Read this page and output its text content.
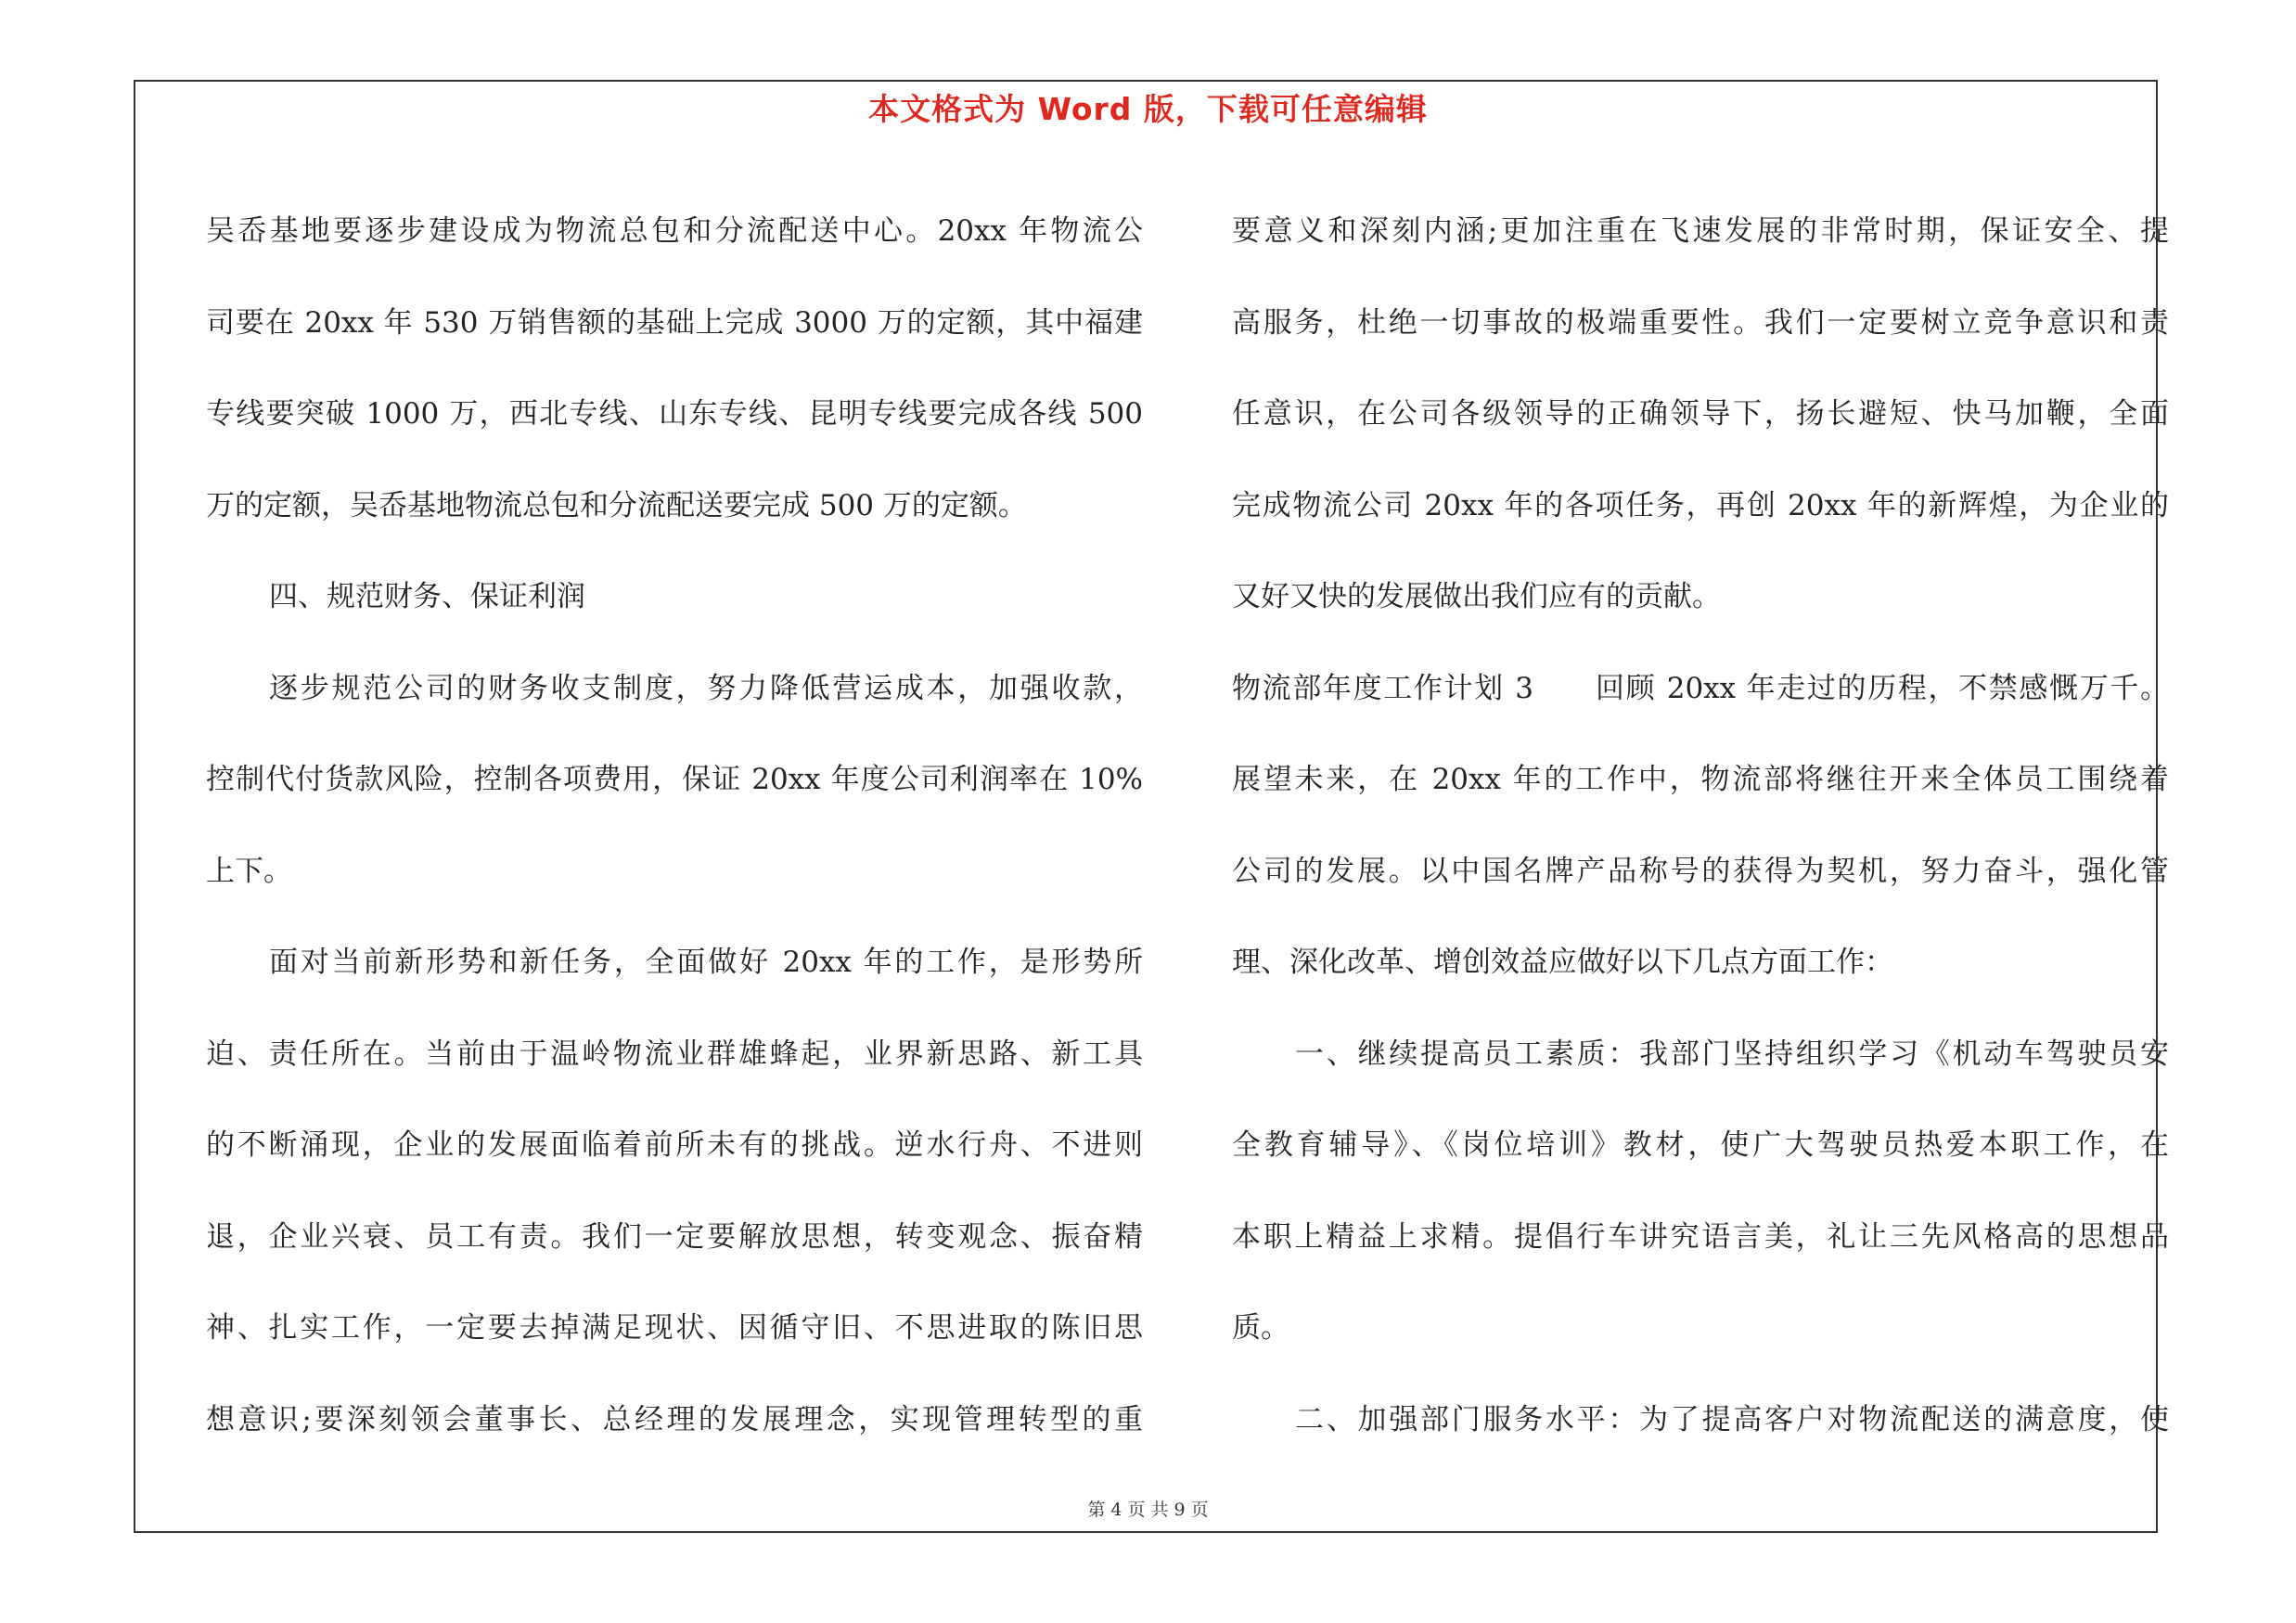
本文格式为 Word 版，下载可任意编辑
吴岙基地要逐步建设成为物流总包和分流配送中心。20xx 年物流公
司要在 20xx 年 530 万销售额的基础上完成 3000 万的定额，其中福建
专线要突破 1000 万，西北专线、山东专线、昆明专线要完成各线 500
万的定额，吴岙基地物流总包和分流配送要完成 500 万的定额。
四、规范财务、保证利润
逐步规范公司的财务收支制度，努力降低营运成本，加强收款，
控制代付货款风险，控制各项费用，保证 20xx 年度公司利润率在 10%
上下。
面对当前新形势和新任务，全面做好 20xx 年的工作，是形势所
迫、责任所在。当前由于温岭物流业群雄蜂起，业界新思路、新工具
的不断涌现，企业的发展面临着前所未有的挑战。逆水行舟、不进则
退，企业兴衰、员工有责。我们一定要解放思想，转变观念、振奋精
神、扎实工作，一定要去掉满足现状、因循守旧、不思进取的陈旧思
想意识;要深刻领会董事长、总经理的发展理念，实现管理转型的重
要意义和深刻内涵;更加注重在飞速发展的非常时期，保证安全、提
高服务，杜绝一切事故的极端重要性。我们一定要树立竞争意识和责
任意识，在公司各级领导的正确领导下，扬长避短、快马加鞭，全面
完成物流公司 20xx 年的各项任务，再创 20xx 年的新辉煌，为企业的
又好又快的发展做出我们应有的贡献。
物流部年度工作计划 3　　回顾 20xx 年走过的历程，不禁感慨万千。
展望未来，在 20xx 年的工作中，物流部将继往开来全体员工围绕着
公司的发展。以中国名牌产品称号的获得为契机，努力奋斗，强化管
理、深化改革、增创效益应做好以下几点方面工作：
一、继续提高员工素质：我部门坚持组织学习《机动车驾驶员安
全教育辅导》、《岗位培训》教材，使广大驾驶员热爱本职工作，在
本职上精益上求精。提倡行车讲究语言美，礼让三先风格高的思想品
质。
二、加强部门服务水平：为了提高客户对物流配送的满意度，使
第 4 页 共 9 页
